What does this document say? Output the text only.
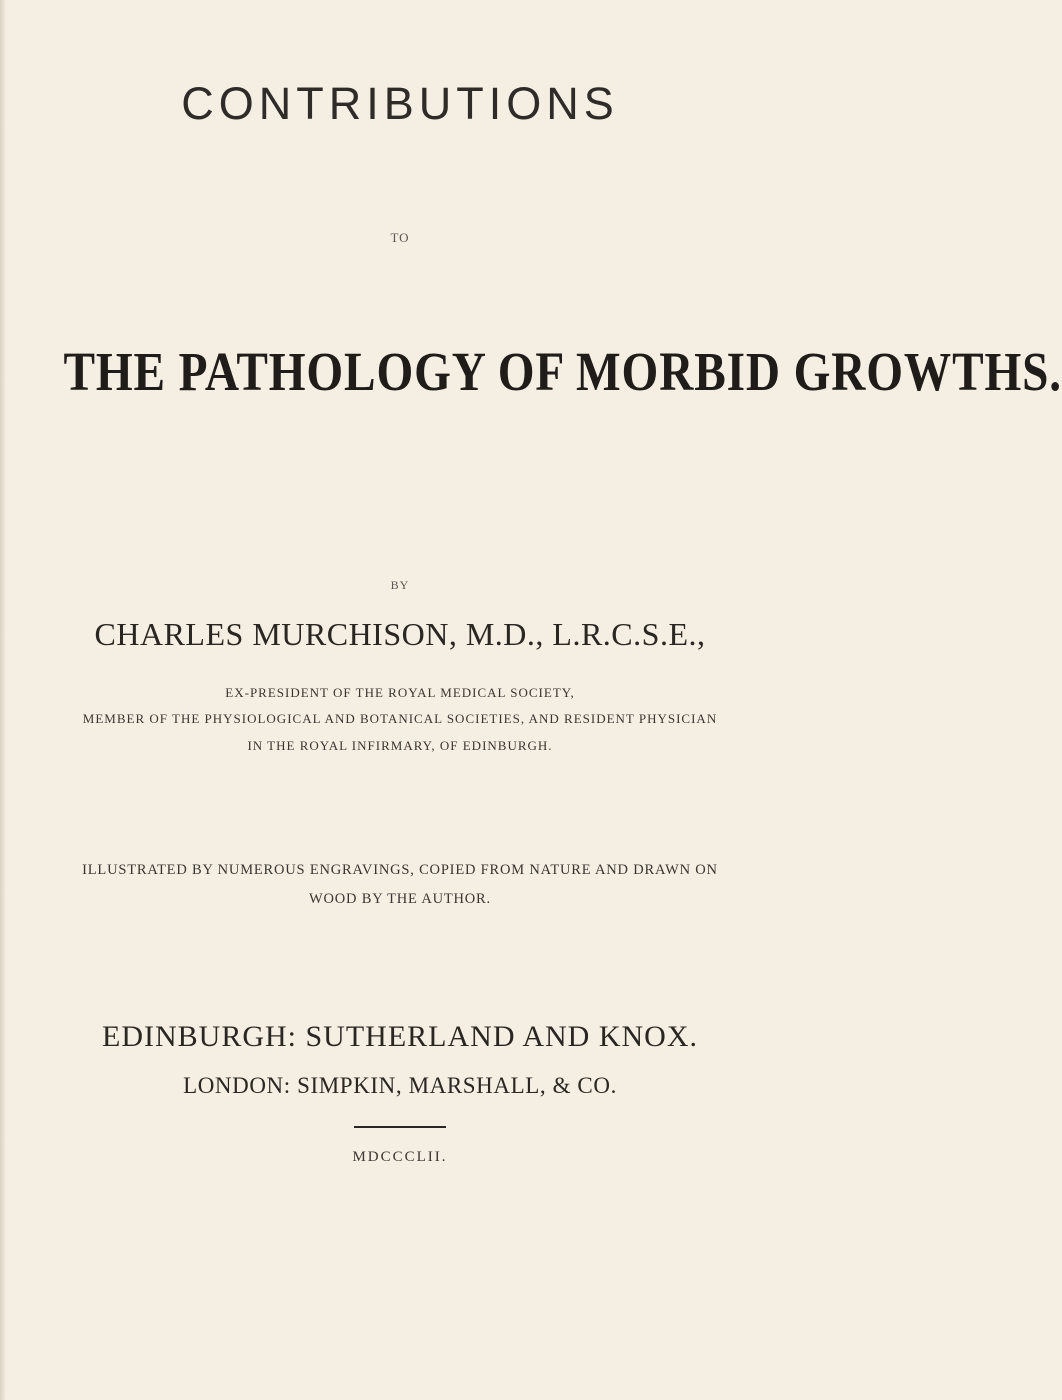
CONTRIBUTIONS
TO
THE PATHOLOGY OF MORBID GROWTHS.
BY
CHARLES MURCHISON, M.D., L.R.C.S.E.,
EX-PRESIDENT OF THE ROYAL MEDICAL SOCIETY,
MEMBER OF THE PHYSIOLOGICAL AND BOTANICAL SOCIETIES, AND RESIDENT PHYSICIAN
IN THE ROYAL INFIRMARY, OF EDINBURGH.
ILLUSTRATED BY NUMEROUS ENGRAVINGS, COPIED FROM NATURE AND DRAWN ON
WOOD BY THE AUTHOR.
EDINBURGH: SUTHERLAND AND KNOX.
LONDON: SIMPKIN, MARSHALL, & CO.
MDCCCLII.
